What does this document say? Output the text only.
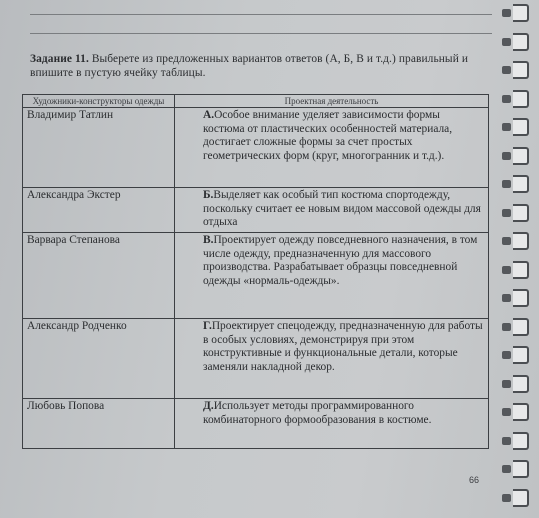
Задание 11. Выберете из предложенных вариантов ответов (А, Б, В и т.д.) правильный и впишите в пустую ячейку таблицы.
Художники-конструкторы одежды	Проектная деятельность
Владимир Татлин	А.Особое внимание уделяет зависимости формы костюма от пластических особенностей материала, достигает сложные формы за счет простых геометрических форм (круг, многогранник и т.д.).
Александра Экстер	Б.Выделяет как особый тип костюма спортодежду, поскольку считает ее новым видом массовой одежды для отдыха
Варвара Степанова	В.Проектирует одежду повседневного назначения, в том числе одежду, предназначенную для массового производства. Разрабатывает образцы повседневной одежды «нормаль-одежды».
Александр Родченко	Г.Проектирует спецодежду, предназначенную для работы в особых условиях, демонстрируя при этом конструктивные и функциональные детали, которые заменяли накладной декор.
Любовь Попова	Д.Использует методы программированного комбинаторного формообразования в костюме.
66
